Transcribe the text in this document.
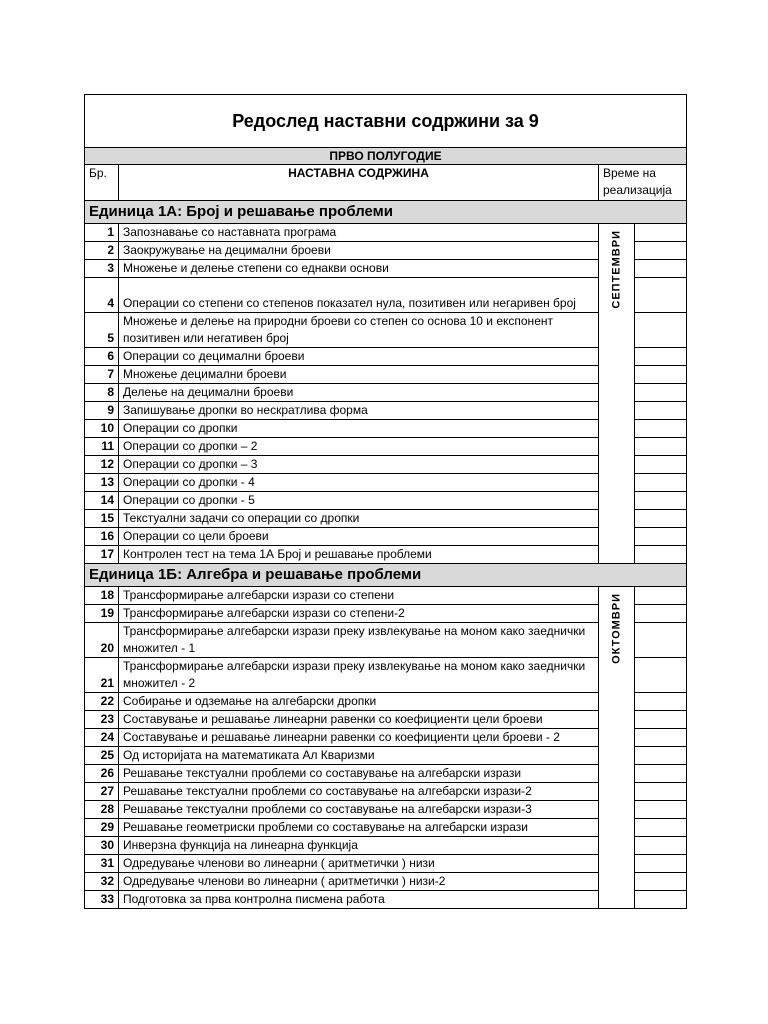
Редослед наставни содржини за 9			
ПРВО ПОЛУГОДИЕ			
Бр.	НАСТАВНА СОДРЖИНА	Време на реализација	
Единица 1А: Број и решавање проблеми			
1	Запознавање со наставната програма	СЕПТЕМВРИ	

2	Заокружување на децимални броеви		
3	Множење и делење степени со еднакви основи		
4	Операции со степени со степенов показател нула, позитивен или негаривен број		
5	Множење и делење на природни броеви со степен со основа 10 и експонент позитивен или негативен број		
6	Операции со децимални броеви		
7	Множење децимални броеви		
8	Делење на децимални броеви		
9	Запишување дропки во нескратлива форма		
10	Операции со дропки		
11	Операции со дропки – 2		
12	Операции со дропки – 3		
13	Операции со дропки - 4		
14	Операции со дропки - 5		
15	Текстуални задачи со операции со дропки		
16	Операции со цели броеви		
17	Контролен тест на тема 1А Број и решавање проблеми		
Единица 1Б: Алгебра и решавање проблеми			
18	Трансформирање алгебарски изрази со степени	ОКТОМВРИ	

19	Трансформирање алгебарски изрази со степени-2		
20	Трансформирање алгебарски изрази преку извлекување на моном како заеднички множител - 1		
21	Трансформирање алгебарски изрази преку извлекување на моном како заеднички множител - 2		
22	Собирање и одземање на алгебарски дропки		
23	Составување и решавање линеарни равенки со коефициенти цели броеви		
24	Составување и решавање линеарни равенки со коефициенти цели броеви - 2		
25	Од историјата на математиката Ал Кваризми		
26	Решавање текстуални проблеми со составување на алгебарски изрази		
27	Решавање текстуални проблеми со составување на алгебарски изрази-2		
28	Решавање текстуални проблеми со составување на алгебарски изрази-3		
29	Решавање геометриски проблеми со составување на алгебарски изрази		
30	Инверзна функција на линеарна функција		
31	Одредување членови во линеарни ( аритметички ) низи		
32	Одредување членови во линеарни ( аритметички ) низи-2		
33	Подготовка за прва контролна писмена работа		
